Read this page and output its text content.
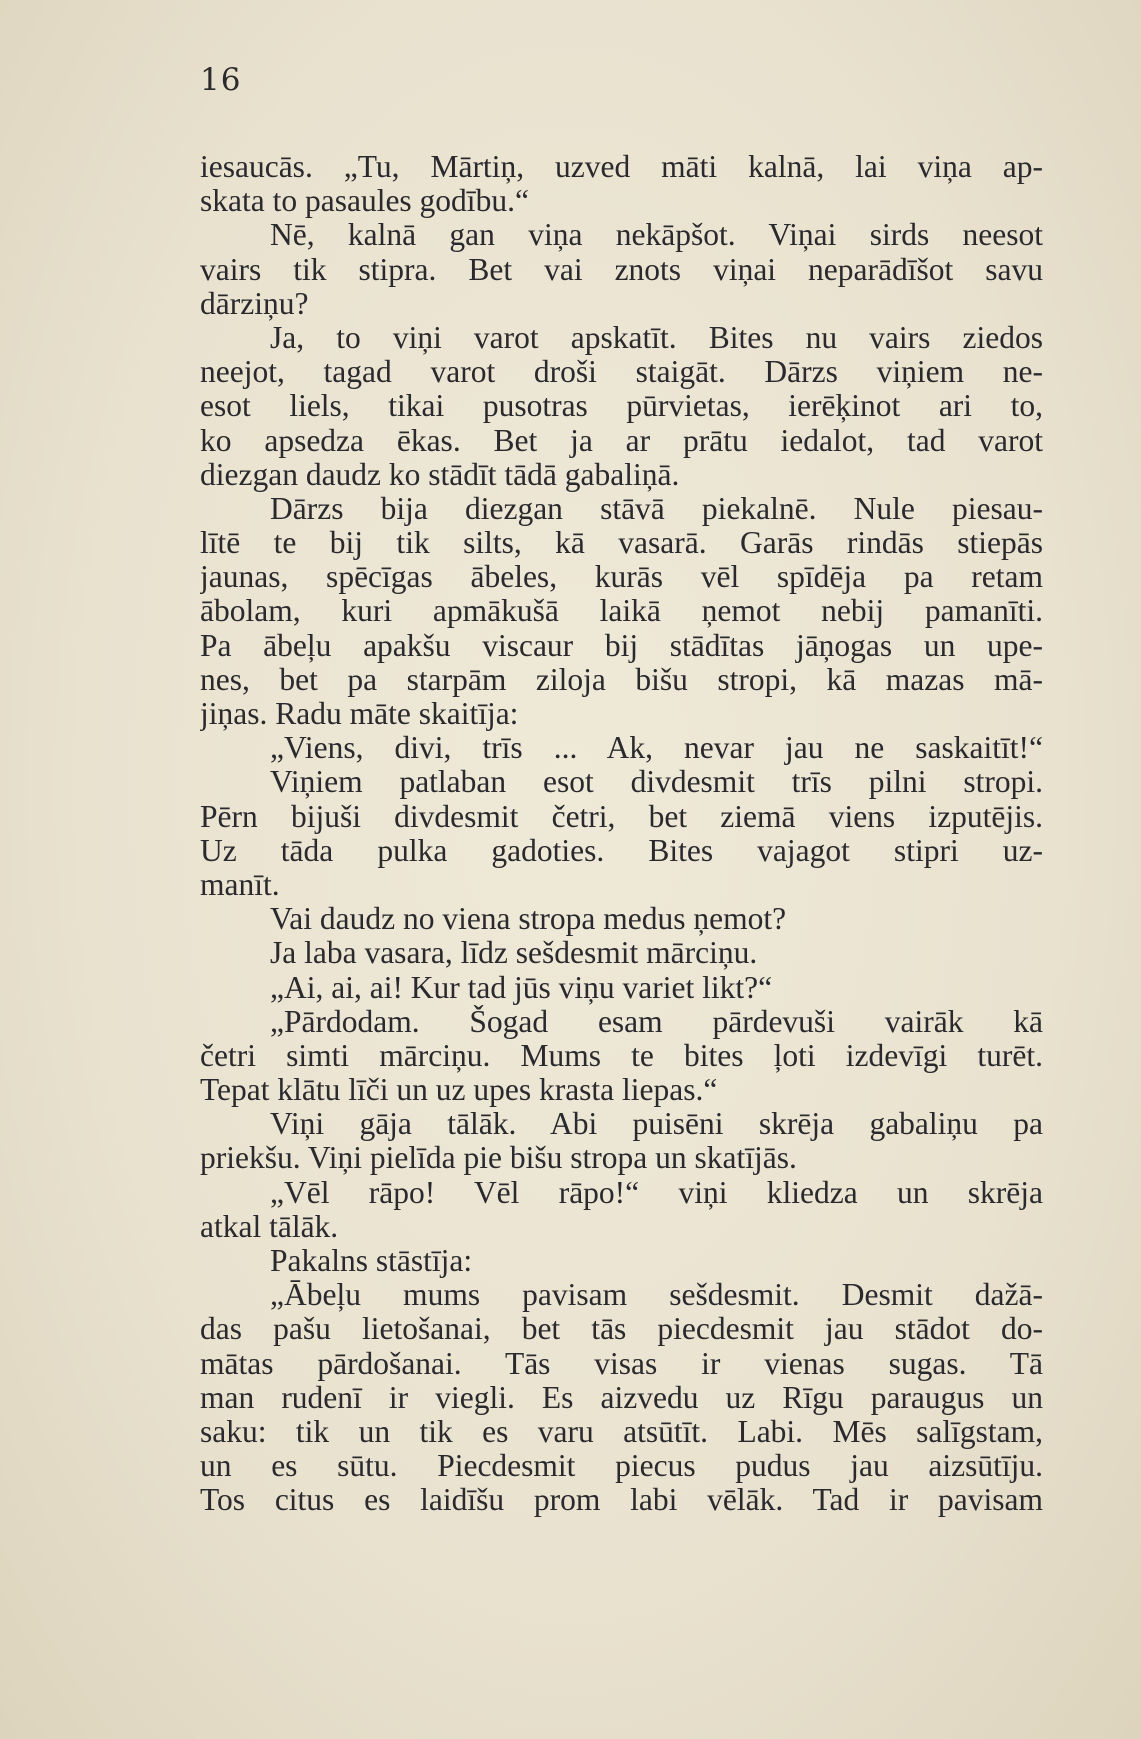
16
iesaucās. „Tu, Mārtiņ, uzved māti kalnā, lai viņa ap-
skata to pasaules godību.“
Nē, kalnā gan viņa nekāpšot. Viņai sirds neesot
vairs tik stipra. Bet vai znots viņai neparādīšot savu
dārziņu?
Ja, to viņi varot apskatīt. Bites nu vairs ziedos
neejot, tagad varot droši staigāt. Dārzs viņiem ne-
esot liels, tikai pusotras pūrvietas, ierēķinot ari to,
ko apsedza ēkas. Bet ja ar prātu iedalot, tad varot
diezgan daudz ko stādīt tādā gabaliņā.
Dārzs bija diezgan stāvā piekalnē. Nule piesau-
lītē te bij tik silts, kā vasarā. Garās rindās stiepās
jaunas, spēcīgas ābeles, kurās vēl spīdēja pa retam
ābolam, kuri apmākušā laikā ņemot nebij pamanīti.
Pa ābeļu apakšu viscaur bij stādītas jāņogas un upe-
nes, bet pa starpām ziloja bišu stropi, kā mazas mā-
jiņas. Radu māte skaitīja:
„Viens, divi, trīs ... Ak, nevar jau ne saskaitīt!“
Viņiem patlaban esot divdesmit trīs pilni stropi.
Pērn bijuši divdesmit četri, bet ziemā viens izputējis.
Uz tāda pulka gadoties. Bites vajagot stipri uz-
manīt.
Vai daudz no viena stropa medus ņemot?
Ja laba vasara, līdz sešdesmit mārciņu.
„Ai, ai, ai! Kur tad jūs viņu variet likt?“
„Pārdodam. Šogad esam pārdevuši vairāk kā
četri simti mārciņu. Mums te bites ļoti izdevīgi turēt.
Tepat klātu līči un uz upes krasta liepas.“
Viņi gāja tālāk. Abi puisēni skrēja gabaliņu pa
priekšu. Viņi pielīda pie bišu stropa un skatījās.
„Vēl rāpo! Vēl rāpo!“ viņi kliedza un skrēja
atkal tālāk.
Pakalns stāstīja:
„Ābeļu mums pavisam sešdesmit. Desmit dažā-
das pašu lietošanai, bet tās piecdesmit jau stādot do-
mātas pārdošanai. Tās visas ir vienas sugas. Tā
man rudenī ir viegli. Es aizvedu uz Rīgu paraugus un
saku: tik un tik es varu atsūtīt. Labi. Mēs salīgstam,
un es sūtu. Piecdesmit piecus pudus jau aizsūtīju.
Tos citus es laidīšu prom labi vēlāk. Tad ir pavisam
